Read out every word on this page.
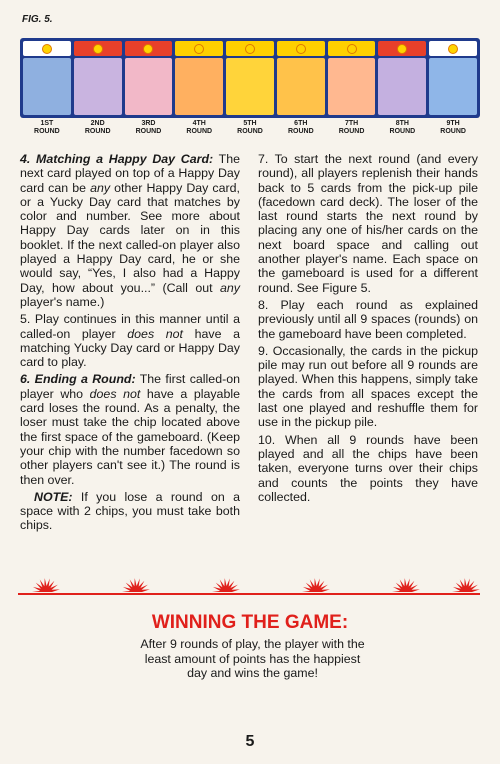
FIG. 5.
1ST
ROUND
2ND
ROUND
3RD
ROUND
4TH
ROUND
5TH
ROUND
6TH
ROUND
7TH
ROUND
8TH
ROUND
9TH
ROUND

4. Matching a Happy Day Card: The next card played on top of a Happy Day card can be any other Happy Day card, or a Yucky Day card that matches by color and number. See more about Happy Day cards later on in this booklet. If the next called-on player also played a Happy Day card, he or she would say, “Yes, I also had a Happy Day, how about you...” (Call out any player's name.)

5. Play continues in this manner until a called-on player does not have a matching Yucky Day card or Happy Day card to play.

6. Ending a Round: The first called-on player who does not have a playable card loses the round. As a penalty, the loser must take the chip located above the first space of the gameboard. (Keep your chip with the number facedown so other players can't see it.) The round is then over.

NOTE: If you lose a round on a space with 2 chips, you must take both chips.

7. To start the next round (and every round), all players replenish their hands back to 5 cards from the pick-up pile (facedown card deck). The loser of the last round starts the next round by placing any one of his/her cards on the next board space and calling out another player's name. Each space on the gameboard is used for a different round. See Figure 5.

8. Play each round as explained previously until all 9 spaces (rounds) on the gameboard have been completed.

9. Occasionally, the cards in the pickup pile may run out before all 9 rounds are played. When this happens, simply take the cards from all spaces except the last one played and reshuffle them for use in the pickup pile.

10. When all 9 rounds have been played and all the chips have been taken, everyone turns over their chips and counts the points they have collected.

WINNING THE GAME:
After 9 rounds of play, the player with the least amount of points has the happiest day and wins the game!
5
